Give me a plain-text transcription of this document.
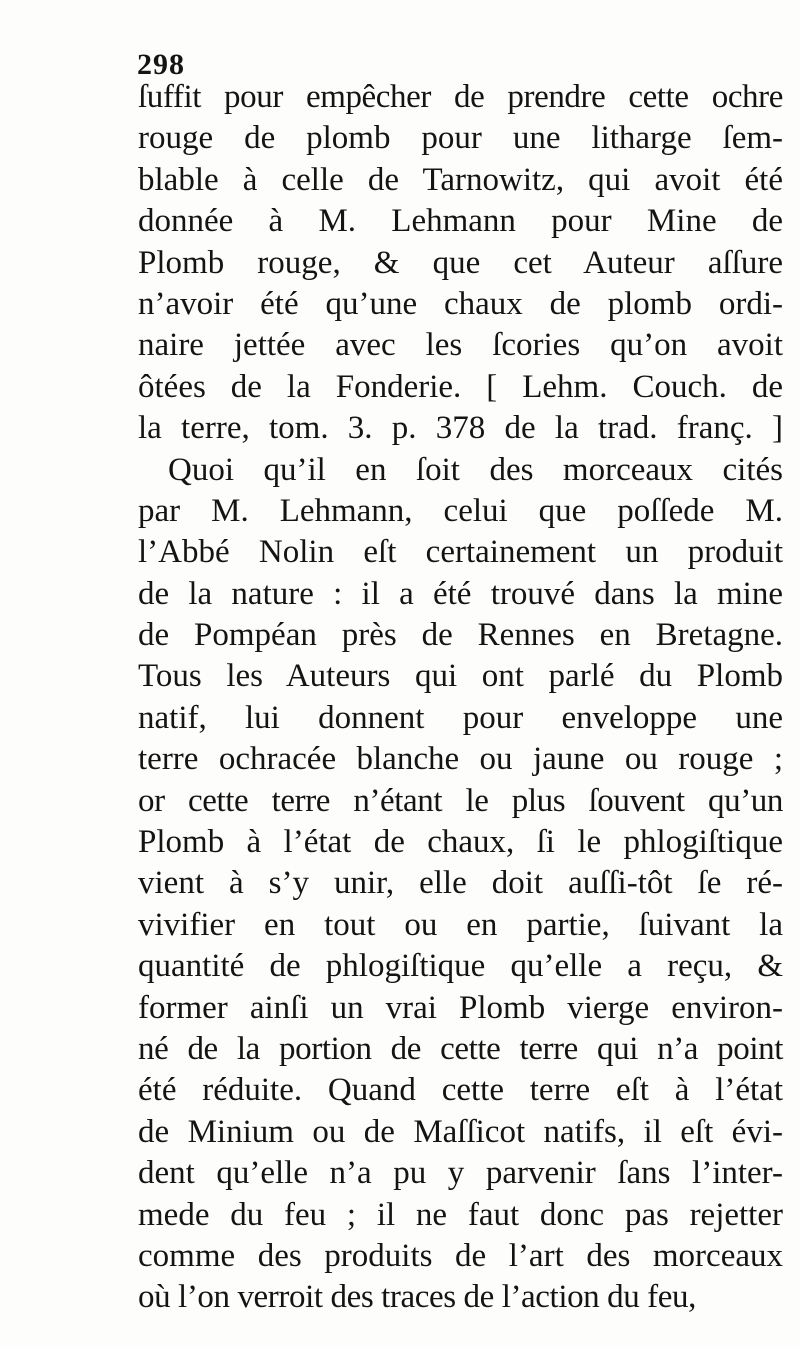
298
ſuffit pour empêcher de prendre cette ochre
rouge de plomb pour une litharge ſem-
blable à celle de Tarnowitz, qui avoit été
donnée à M. Lehmann pour Mine de
Plomb rouge, & que cet Auteur aſſure
n’avoir été qu’une chaux de plomb ordi-
naire jettée avec les ſcories qu’on avoit
ôtées de la Fonderie. [ Lehm. Couch. de
la terre, tom. 3. p. 378 de la trad. franç. ]
Quoi qu’il en ſoit des morceaux cités
par M. Lehmann, celui que poſſede M.
l’Abbé Nolin eſt certainement un produit
de la nature : il a été trouvé dans la mine
de Pompéan près de Rennes en Bretagne.
Tous les Auteurs qui ont parlé du Plomb
natif, lui donnent pour enveloppe une
terre ochracée blanche ou jaune ou rouge ;
or cette terre n’étant le plus ſouvent qu’un
Plomb à l’état de chaux, ſi le phlogiſtique
vient à s’y unir, elle doit auſſi-tôt ſe ré-
vivifier en tout ou en partie, ſuivant la
quantité de phlogiſtique qu’elle a reçu, &
former ainſi un vrai Plomb vierge environ-
né de la portion de cette terre qui n’a point
été réduite. Quand cette terre eſt à l’état
de Minium ou de Maſſicot natifs, il eſt évi-
dent qu’elle n’a pu y parvenir ſans l’inter-
mede du feu ; il ne faut donc pas rejetter
comme des produits de l’art des morceaux
où l’on verroit des traces de l’action du feu,
